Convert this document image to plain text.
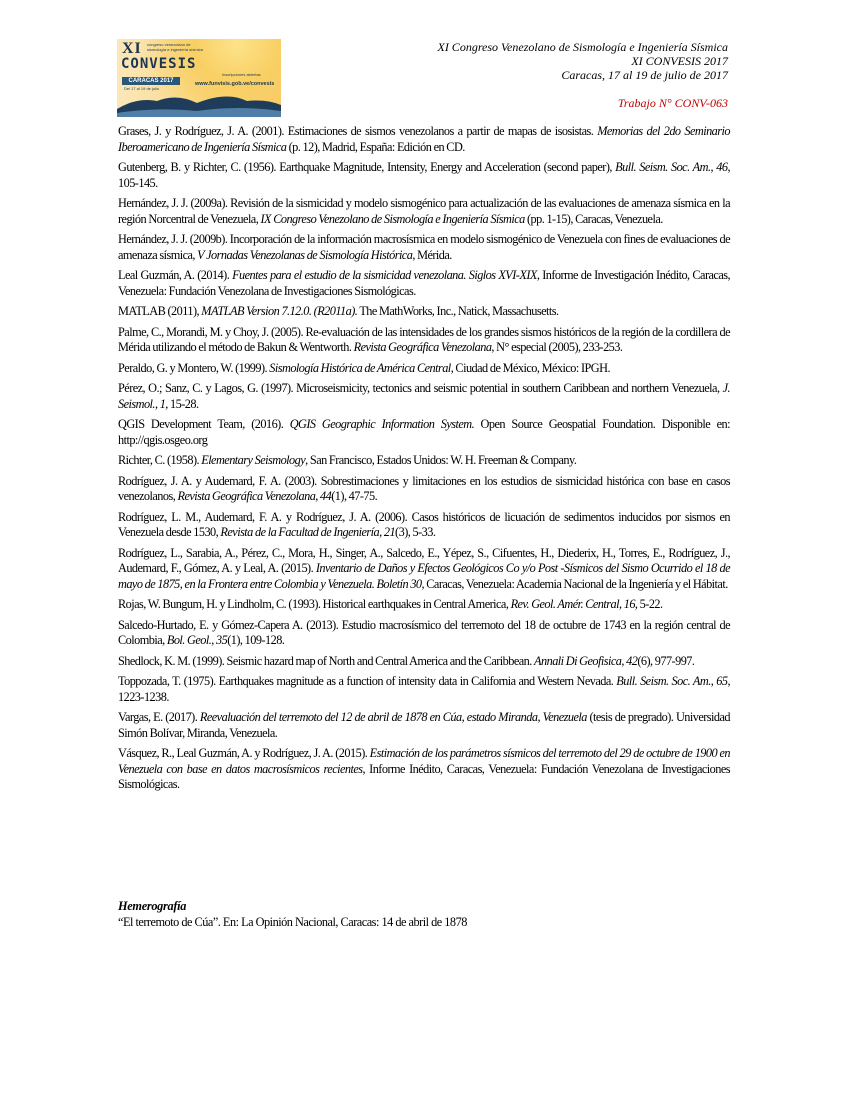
XI congreso venezolano de sismología e ingeniería sísmica
CONVESIS
CARACAS 2017
Del 17 al 19 de julio
Inscripciones abiertas
www.funvisis.gob.ve/convesis
XI Congreso Venezolano de Sismología e Ingeniería Sísmica
XI CONVESIS 2017
Caracas, 17 al 19 de julio de 2017
Trabajo N° CONV-063

Grases, J. y Rodríguez, J. A. (2001). Estimaciones de sismos venezolanos a partir de mapas de isosistas. Memorias del 2do Seminario Iberoamericano de Ingeniería Sísmica (p. 12), Madrid, España: Edición en CD.

Gutenberg, B. y Richter, C. (1956). Earthquake Magnitude, Intensity, Energy and Acceleration (second paper), Bull. Seism. Soc. Am., 46, 105-145.

Hernández, J. J. (2009a). Revisión de la sismicidad y modelo sismogénico para actualización de las evaluaciones de amenaza sísmica en la región Norcentral de Venezuela, IX Congreso Venezolano de Sismología e Ingeniería Sísmica (pp. 1-15), Caracas, Venezuela.

Hernández, J. J. (2009b). Incorporación de la información macrosísmica en modelo sismogénico de Venezuela con fines de evaluaciones de amenaza sísmica, V Jornadas Venezolanas de Sismología Histórica, Mérida.

Leal Guzmán, A. (2014). Fuentes para el estudio de la sismicidad venezolana. Siglos XVI-XIX, Informe de Investigación Inédito, Caracas, Venezuela: Fundación Venezolana de Investigaciones Sismológicas.

MATLAB (2011), MATLAB Version 7.12.0. (R2011a). The MathWorks, Inc., Natick, Massachusetts.

Palme, C., Morandi, M. y Choy, J. (2005). Re-evaluación de las intensidades de los grandes sismos históricos de la región de la cordillera de Mérida utilizando el método de Bakun & Wentworth. Revista Geográfica Venezolana, N° especial (2005), 233-253.

Peraldo, G. y Montero, W. (1999). Sismología Histórica de América Central, Ciudad de México, México: IPGH.

Pérez, O.; Sanz, C. y Lagos, G. (1997). Microseismicity, tectonics and seismic potential in southern Caribbean and northern Venezuela, J. Seismol., 1, 15-28.

QGIS Development Team, (2016). QGIS Geographic Information System. Open Source Geospatial Foundation. Disponible en: http://qgis.osgeo.org

Richter, C. (1958). Elementary Seismology, San Francisco, Estados Unidos: W. H. Freeman & Company.

Rodríguez, J. A. y Audemard, F. A. (2003). Sobrestimaciones y limitaciones en los estudios de sismicidad histórica con base en casos venezolanos, Revista Geográfica Venezolana, 44(1), 47-75.

Rodríguez, L. M., Audemard, F. A. y Rodríguez, J. A. (2006). Casos históricos de licuación de sedimentos inducidos por sismos en Venezuela desde 1530, Revista de la Facultad de Ingeniería, 21(3), 5-33.

Rodríguez, L., Sarabia, A., Pérez, C., Mora, H., Singer, A., Salcedo, E., Yépez, S., Cifuentes, H., Diederix, H., Torres, E., Rodríguez, J., Audemard, F., Gómez, A. y Leal, A. (2015). Inventario de Daños y Efectos Geológicos Co y/o Post -Sísmicos del Sismo Ocurrido el 18 de mayo de 1875, en la Frontera entre Colombia y Venezuela. Boletín 30, Caracas, Venezuela: Academia Nacional de la Ingeniería y el Hábitat.

Rojas, W. Bungum, H. y Lindholm, C. (1993). Historical earthquakes in Central America, Rev. Geol. Amér. Central, 16, 5-22.

Salcedo-Hurtado, E. y Gómez-Capera A. (2013). Estudio macrosísmico del terremoto del 18 de octubre de 1743 en la región central de Colombia, Bol. Geol., 35(1), 109-128.

Shedlock, K. M. (1999). Seismic hazard map of North and Central America and the Caribbean. Annali Di Geofisica, 42(6), 977-997.

Toppozada, T. (1975). Earthquakes magnitude as a function of intensity data in California and Western Nevada. Bull. Seism. Soc. Am., 65, 1223-1238.

Vargas, E. (2017). Reevaluación del terremoto del 12 de abril de 1878 en Cúa, estado Miranda, Venezuela (tesis de pregrado). Universidad Simón Bolívar, Miranda, Venezuela.

Vásquez, R., Leal Guzmán, A. y Rodríguez, J. A. (2015). Estimación de los parámetros sísmicos del terremoto del 29 de octubre de 1900 en Venezuela con base en datos macrosísmicos recientes, Informe Inédito, Caracas, Venezuela: Fundación Venezolana de Investigaciones Sismológicas.

Hemerografía
“El terremoto de Cúa”. En: La Opinión Nacional, Caracas: 14 de abril de 1878
